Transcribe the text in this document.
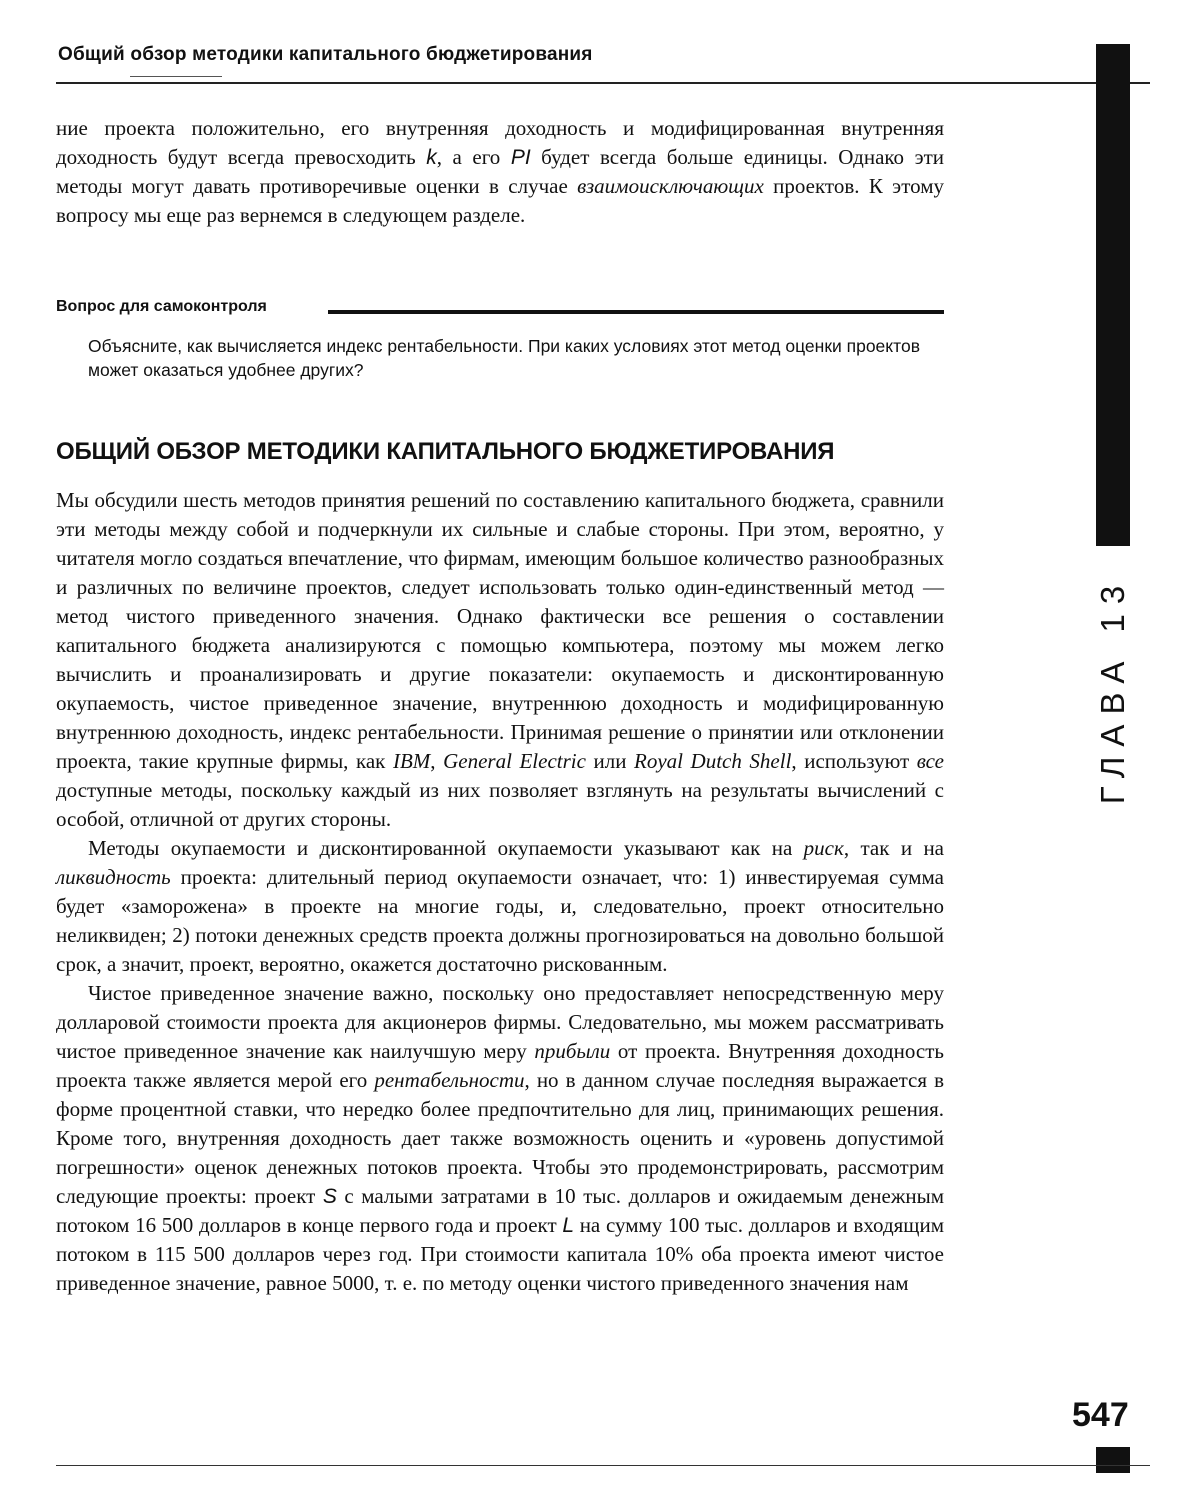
Общий обзор методики капитального бюджетирования
ГЛАВА 13

ние проекта положительно, его внутренняя доходность и модифицированная внутренняя доходность будут всегда превосходить k, а его PI будет всегда больше единицы. Однако эти методы могут давать противоречивые оценки в случае взаимоисключающих проектов. К этому вопросу мы еще раз вернемся в следующем разделе.

Вопрос для самоконтроля
Объясните, как вычисляется индекс рентабельности. При каких условиях этот метод оценки проектов может оказаться удобнее других?
ОБЩИЙ ОБЗОР МЕТОДИКИ КАПИТАЛЬНОГО БЮДЖЕТИРОВАНИЯ

Мы обсудили шесть методов принятия решений по составлению капитального бюджета, сравнили эти методы между собой и подчеркнули их сильные и слабые стороны. При этом, вероятно, у читателя могло создаться впечатление, что фирмам, имеющим большое количество разнообразных и различных по величине проектов, следует использовать только один-единственный метод — метод чистого приведенного значения. Однако фактически все решения о составлении капитального бюджета анализируются с помощью компьютера, поэтому мы можем легко вычислить и проанализировать и другие показатели: окупаемость и дисконтированную окупаемость, чистое приведенное значение, внутреннюю доходность и модифицированную внутреннюю доходность, индекс рентабельности. Принимая решение о принятии или отклонении проекта, такие крупные фирмы, как IBM, General Electric или Royal Dutch Shell, используют все доступные методы, поскольку каждый из них позволяет взглянуть на результаты вычислений с особой, отличной от других стороны.

Методы окупаемости и дисконтированной окупаемости указывают как на риск, так и на ликвидность проекта: длительный период окупаемости означает, что: 1) инвестируемая сумма будет «заморожена» в проекте на многие годы, и, следовательно, проект относительно неликвиден; 2) потоки денежных средств проекта должны прогнозироваться на довольно большой срок, а значит, проект, вероятно, окажется достаточно рискованным.

Чистое приведенное значение важно, поскольку оно предоставляет непосредственную меру долларовой стоимости проекта для акционеров фирмы. Следовательно, мы можем рассматривать чистое приведенное значение как наилучшую меру прибыли от проекта. Внутренняя доходность проекта также является мерой его рентабельности, но в данном случае последняя выражается в форме процентной ставки, что нередко более предпочтительно для лиц, принимающих решения. Кроме того, внутренняя доходность дает также возможность оценить и «уровень допустимой погрешности» оценок денежных потоков проекта. Чтобы это продемонстрировать, рассмотрим следующие проекты: проект S с малыми затратами в 10 тыс. долларов и ожидаемым денежным потоком 16 500 долларов в конце первого года и проект L на сумму 100 тыс. долларов и входящим потоком в 115 500 долларов через год. При стоимости капитала 10% оба проекта имеют чистое приведенное значение, равное 5000, т. е. по методу оценки чистого приведенного значения нам

547
